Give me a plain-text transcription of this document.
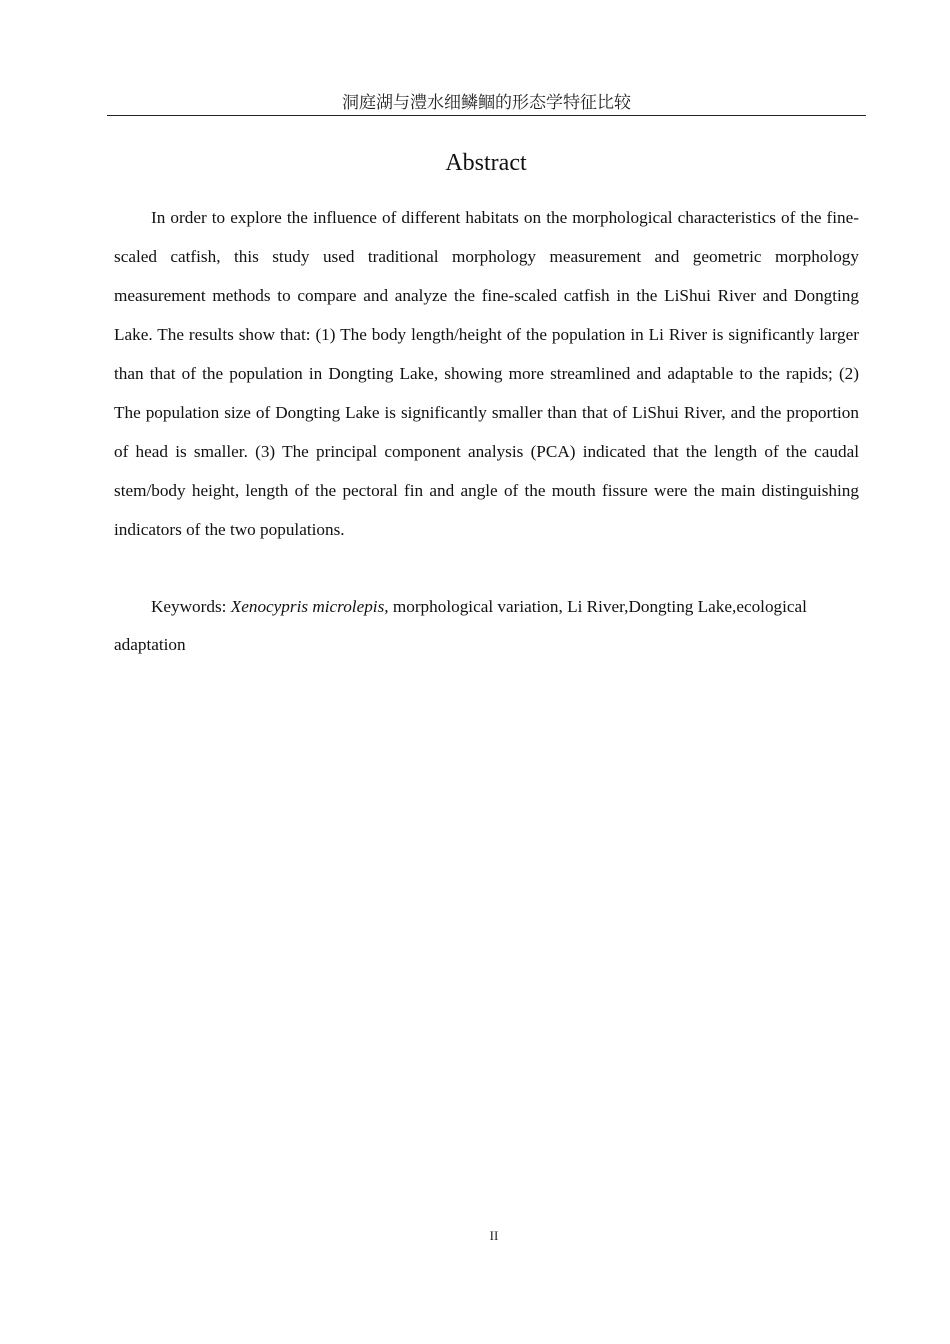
洞庭湖与澧水细鳞鲴的形态学特征比较
Abstract

In order to explore the influence of different habitats on the morphological characteristics of the fine-scaled catfish, this study used traditional morphology measurement and geometric morphology measurement methods to compare and analyze the fine-scaled catfish in the LiShui River and Dongting Lake. The results show that: (1) The body length/height of the population in Li River is significantly larger than that of the population in Dongting Lake, showing more streamlined and adaptable to the rapids; (2) The population size of Dongting Lake is significantly smaller than that of LiShui River, and the proportion of head is smaller. (3) The principal component analysis (PCA) indicated that the length of the caudal stem/body height, length of the pectoral fin and angle of the mouth fissure were the main distinguishing indicators of the two populations.

Keywords: Xenocypris microlepis, morphological variation, Li River,Dongting Lake,ecological adaptation

II
